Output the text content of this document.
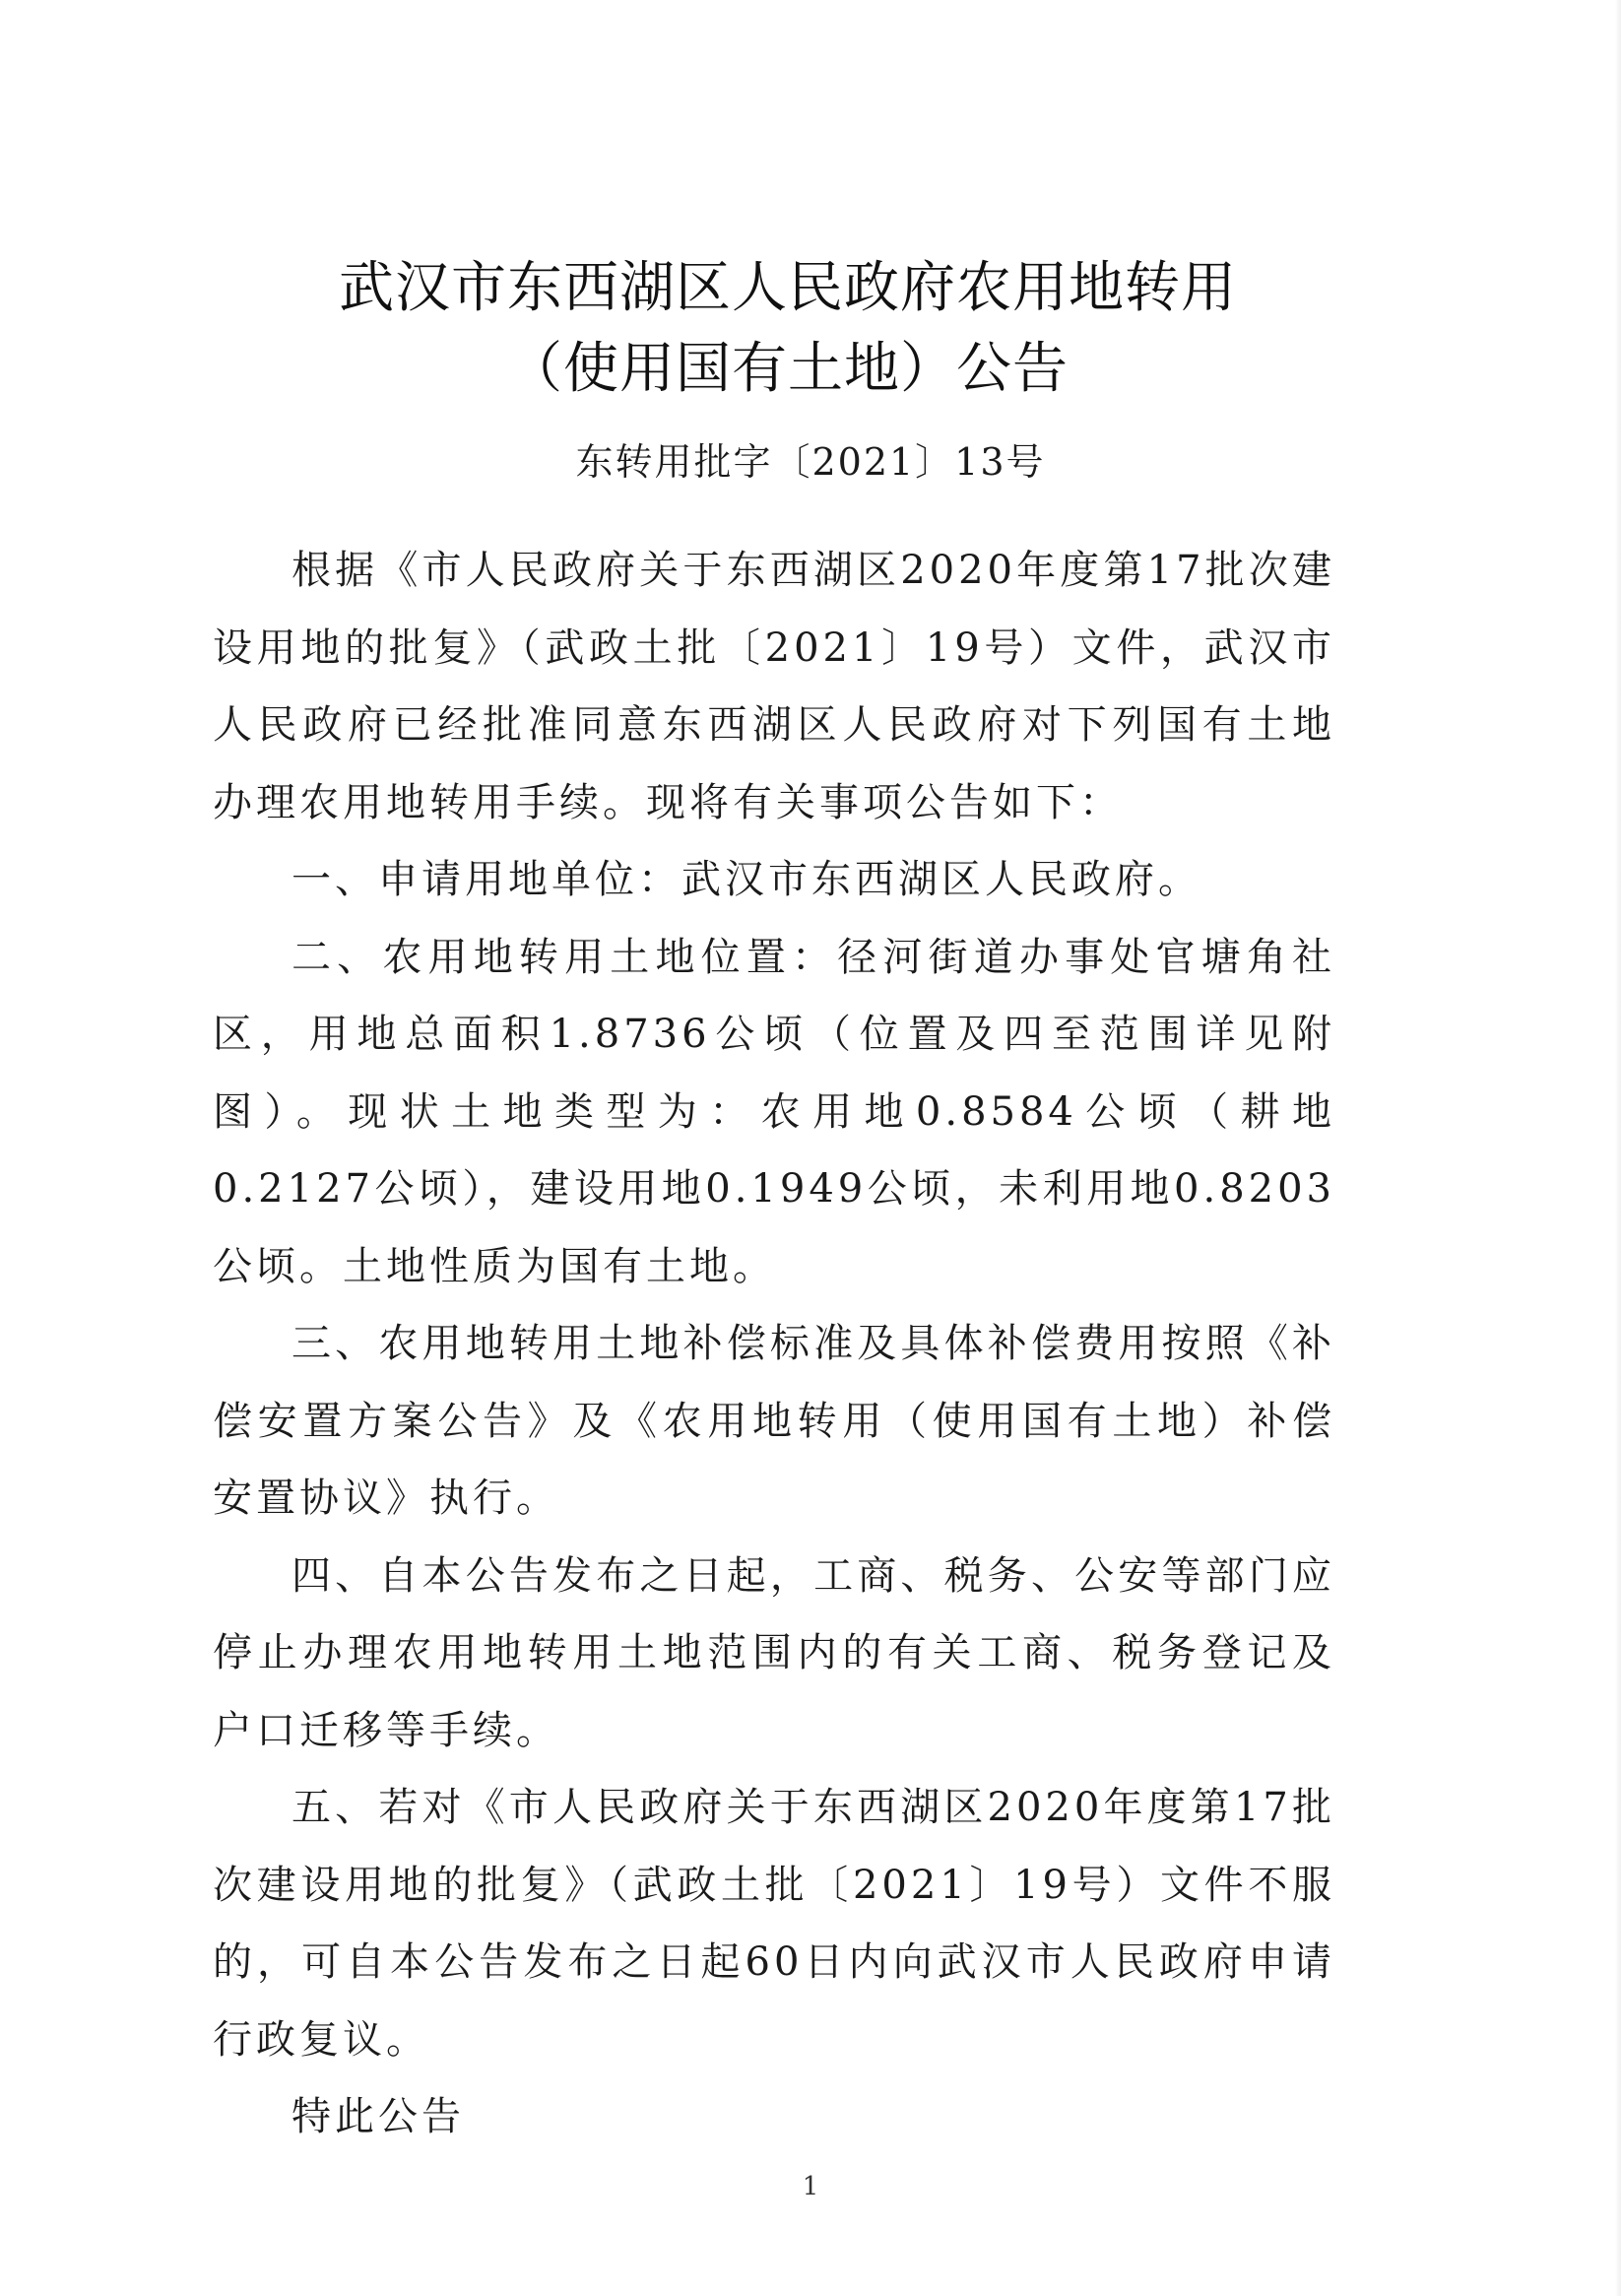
武汉市东西湖区人民政府农用地转用
（使用国有土地）公告
东转用批字〔2021〕13号

根据《市人民政府关于东西湖区2020年度第17批次建设用地的批复》（武政土批〔2021〕19号）文件，武汉市人民政府已经批准同意东西湖区人民政府对下列国有土地办理农用地转用手续。现将有关事项公告如下：

一、申请用地单位：武汉市东西湖区人民政府。

二、农用地转用土地位置：径河街道办事处官塘角社区，用地总面积1.8736公顷（位置及四至范围详见附图）。现状土地类型为：农用地0.8584公顷（耕地0.2127公顷），建设用地0.1949公顷，未利用地0.8203公顷。土地性质为国有土地。

三、农用地转用土地补偿标准及具体补偿费用按照《补偿安置方案公告》及《农用地转用（使用国有土地）补偿安置协议》执行。

四、自本公告发布之日起，工商、税务、公安等部门应停止办理农用地转用土地范围内的有关工商、税务登记及户口迁移等手续。

五、若对《市人民政府关于东西湖区2020年度第17批次建设用地的批复》（武政土批〔2021〕19号）文件不服的，可自本公告发布之日起60日内向武汉市人民政府申请行政复议。

特此公告

1
